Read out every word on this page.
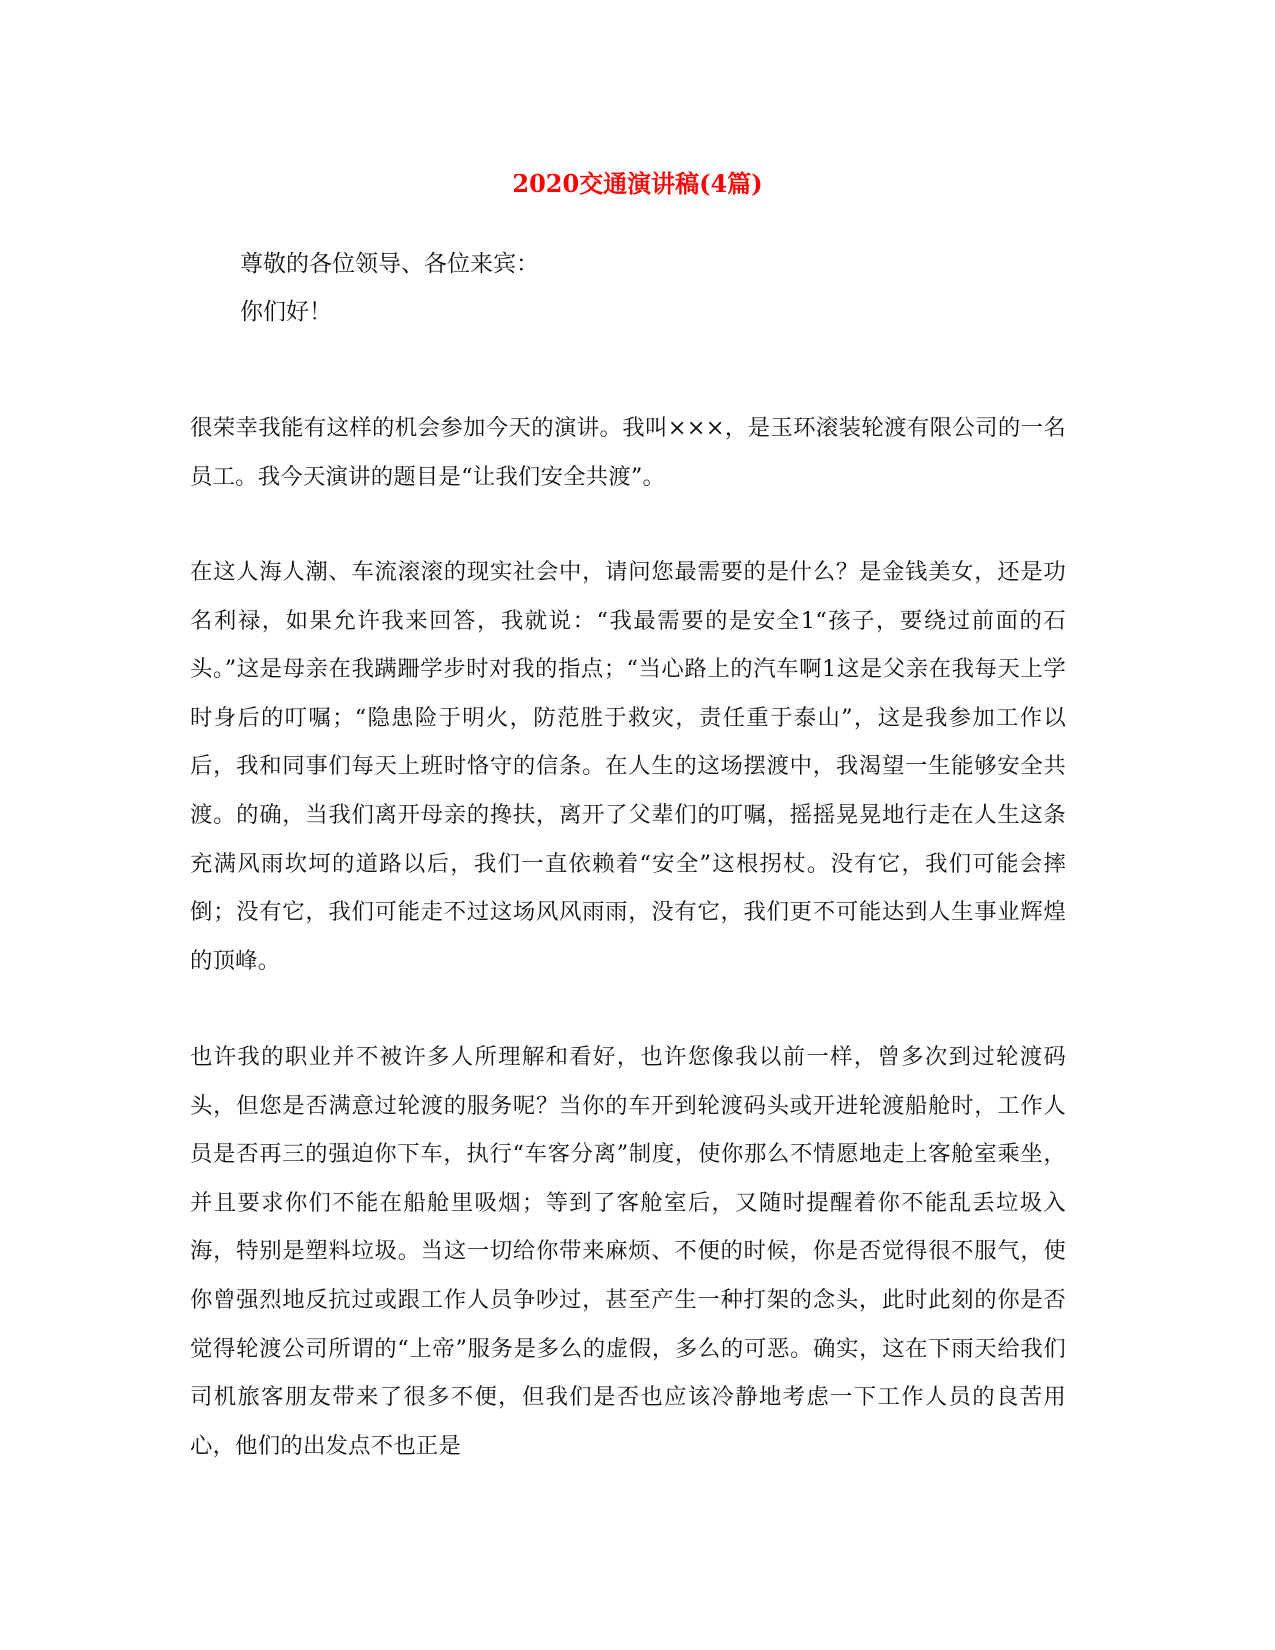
2020交通演讲稿(4篇)
尊敬的各位领导、各位来宾：
你们好！
很荣幸我能有这样的机会参加今天的演讲。我叫×××，是玉环滚装轮渡有限公司的一名员工。我今天演讲的题目是“让我们安全共渡”。
在这人海人潮、车流滚滚的现实社会中，请问您最需要的是什么？是金钱美女，还是功名利禄，如果允许我来回答，我就说：“我最需要的是安全1“孩子，要绕过前面的石头。”这是母亲在我蹒跚学步时对我的指点；“当心路上的汽车啊1这是父亲在我每天上学时身后的叮嘱；“隐患险于明火，防范胜于救灾，责任重于泰山”，这是我参加工作以后，我和同事们每天上班时恪守的信条。在人生的这场摆渡中，我渴望一生能够安全共渡。的确，当我们离开母亲的搀扶，离开了父辈们的叮嘱，摇摇晃晃地行走在人生这条充满风雨坎坷的道路以后，我们一直依赖着“安全”这根拐杖。没有它，我们可能会摔倒；没有它，我们可能走不过这场风风雨雨，没有它，我们更不可能达到人生事业辉煌的顶峰。
也许我的职业并不被许多人所理解和看好，也许您像我以前一样，曾多次到过轮渡码头，但您是否满意过轮渡的服务呢？当你的车开到轮渡码头或开进轮渡船舱时，工作人员是否再三的强迫你下车，执行“车客分离”制度，使你那么不情愿地走上客舱室乘坐，并且要求你们不能在船舱里吸烟；等到了客舱室后，又随时提醒着你不能乱丢垃圾入海，特别是塑料垃圾。当这一切给你带来麻烦、不便的时候，你是否觉得很不服气，使你曾强烈地反抗过或跟工作人员争吵过，甚至产生一种打架的念头，此时此刻的你是否觉得轮渡公司所谓的“上帝”服务是多么的虚假，多么的可恶。确实，这在下雨天给我们司机旅客朋友带来了很多不便，但我们是否也应该冷静地考虑一下工作人员的良苦用心，他们的出发点不也正是
